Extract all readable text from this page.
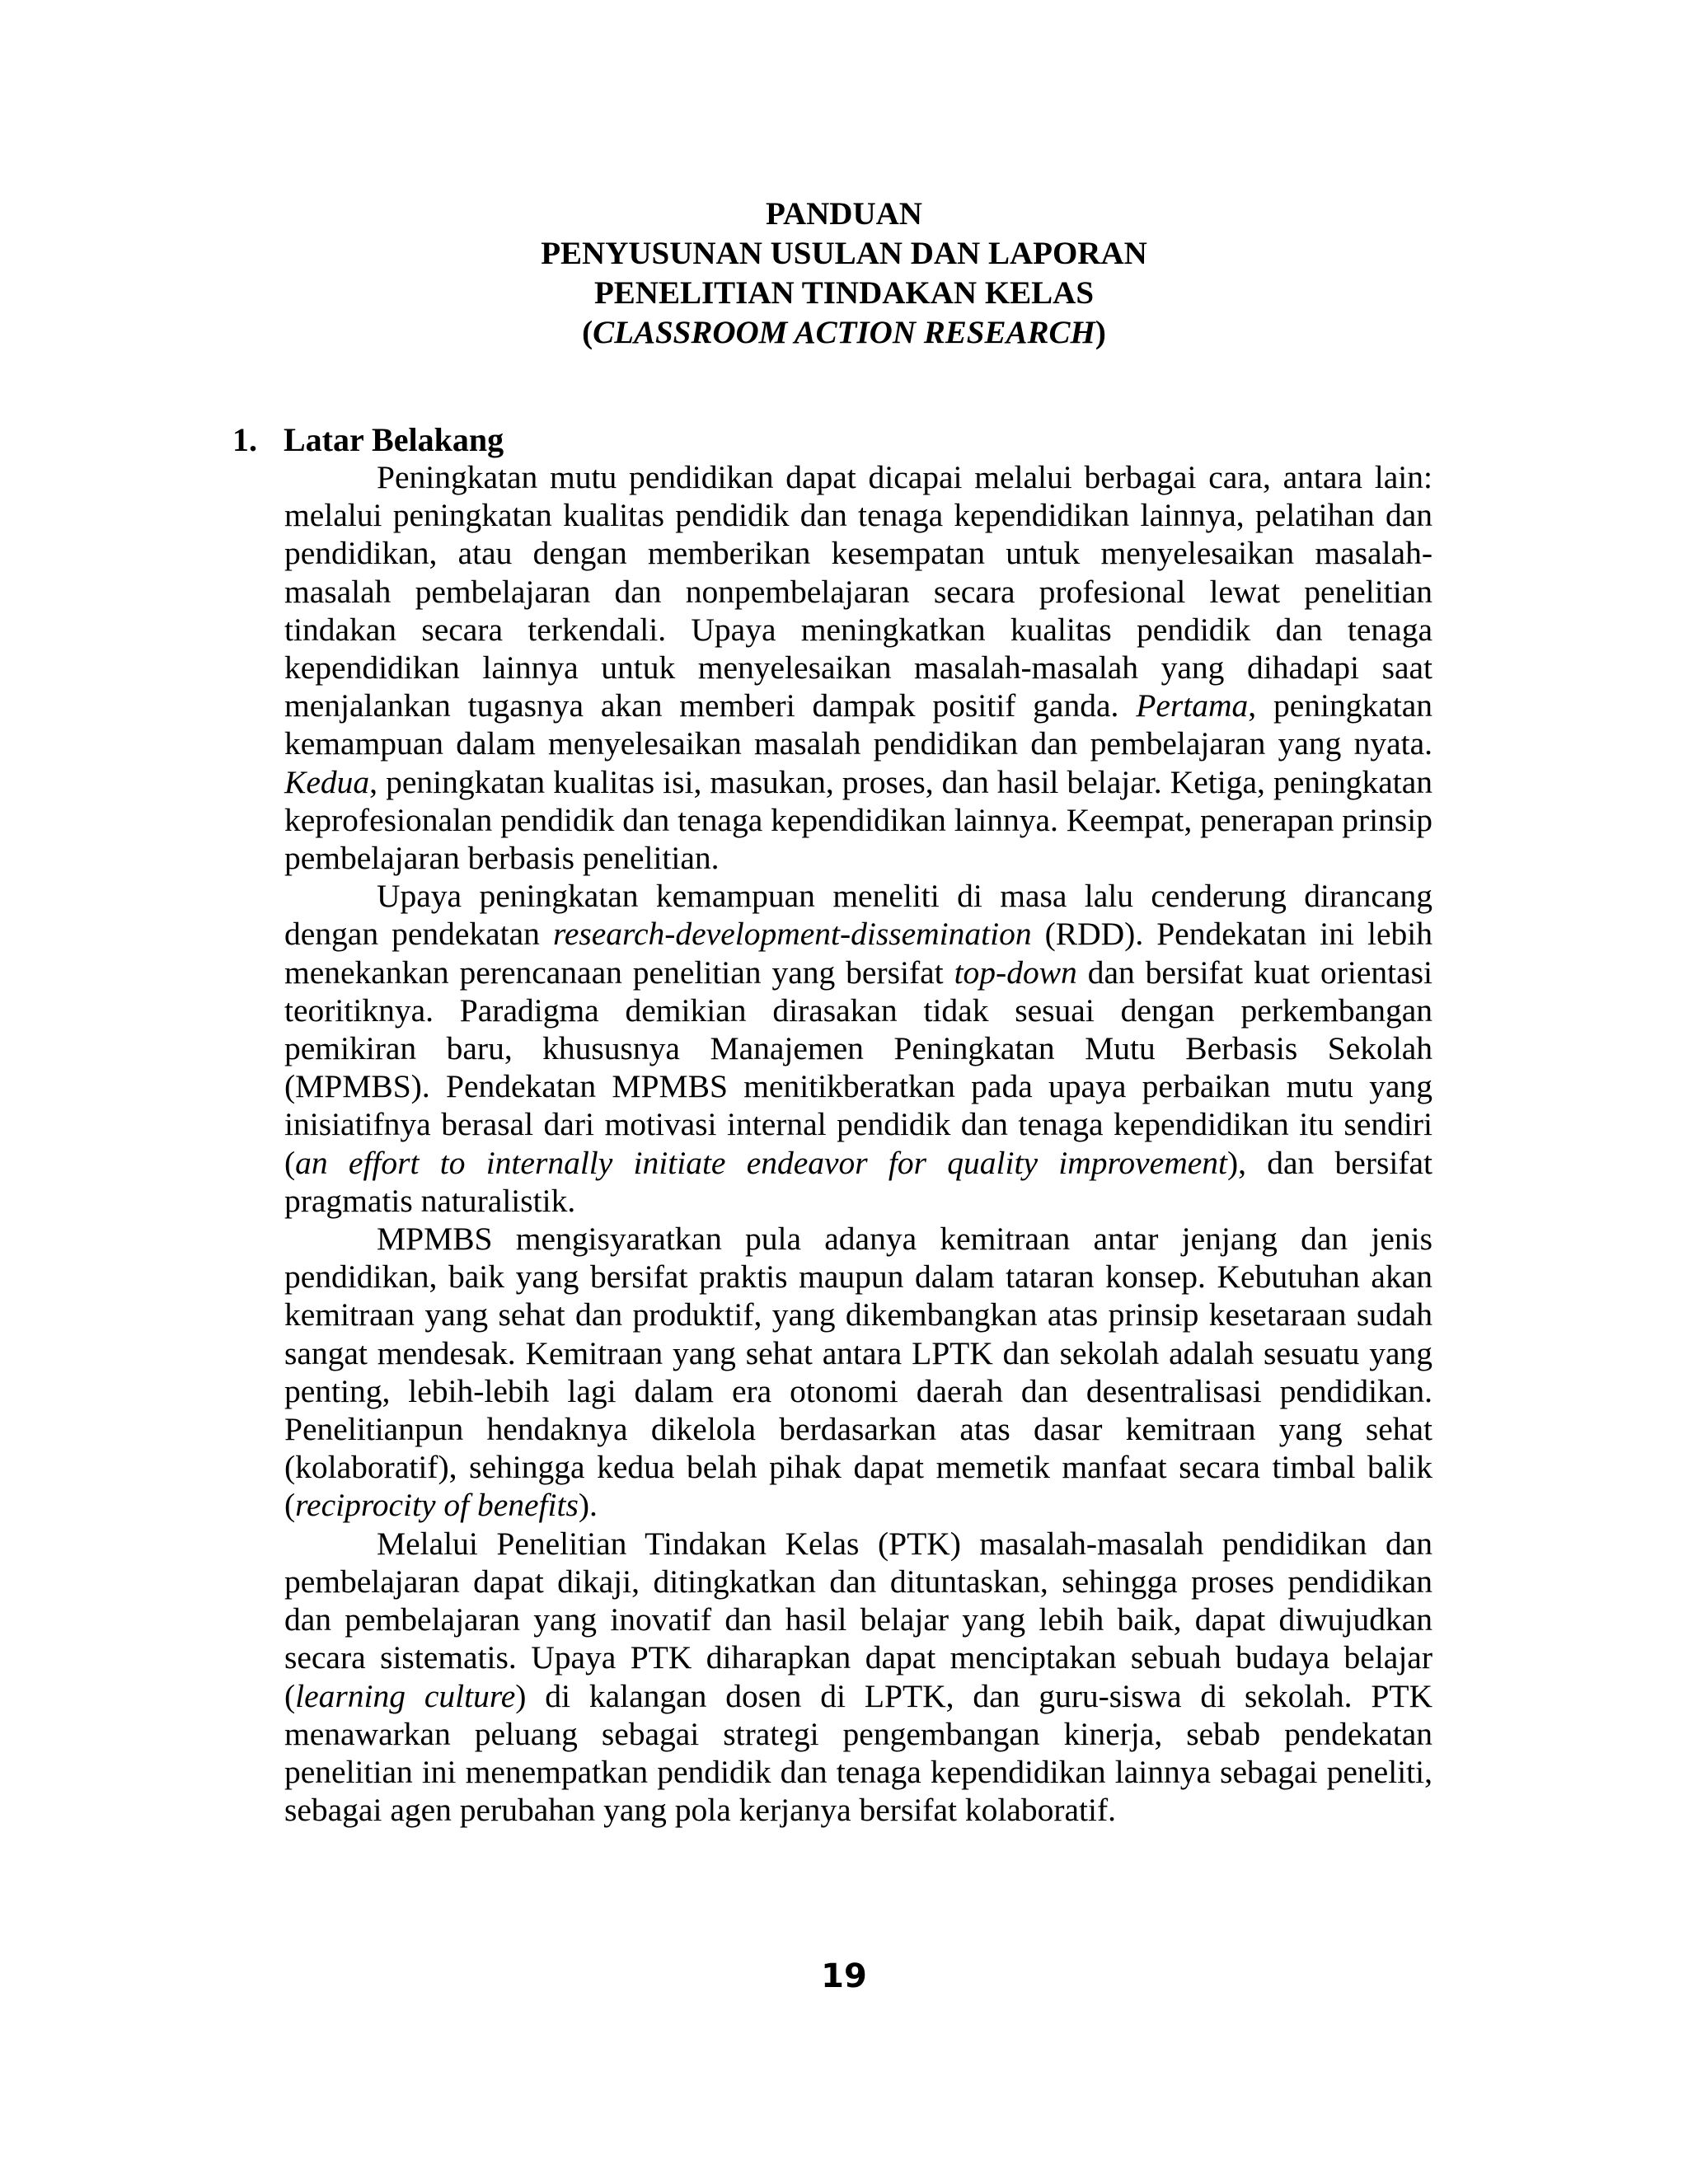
PANDUAN
PENYUSUNAN USULAN DAN LAPORAN
PENELITIAN TINDAKAN KELAS
(CLASSROOM ACTION RESEARCH)
1. Latar Belakang

Peningkatan mutu pendidikan dapat dicapai melalui berbagai cara, antara lain: melalui peningkatan kualitas pendidik dan tenaga kependidikan lainnya, pelatihan dan pendidikan, atau dengan memberikan kesempatan untuk menyelesaikan masalah-masalah pembelajaran dan nonpembelajaran secara profesional lewat penelitian tindakan secara terkendali. Upaya meningkatkan kualitas pendidik dan tenaga kependidikan lainnya untuk menyelesaikan masalah-masalah yang dihadapi saat menjalankan tugasnya akan memberi dampak positif ganda. Pertama, peningkatan kemampuan dalam menyelesaikan masalah pendidikan dan pembelajaran yang nyata. Kedua, peningkatan kualitas isi, masukan, proses, dan hasil belajar. Ketiga, peningkatan keprofesionalan pendidik dan tenaga kependidikan lainnya. Keempat, penerapan prinsip pembelajaran berbasis penelitian.

Upaya peningkatan kemampuan meneliti di masa lalu cenderung dirancang dengan pendekatan research-development-dissemination (RDD). Pendekatan ini lebih menekankan perencanaan penelitian yang bersifat top-down dan bersifat kuat orientasi teoritiknya. Paradigma demikian dirasakan tidak sesuai dengan perkembangan pemikiran baru, khususnya Manajemen Peningkatan Mutu Berbasis Sekolah (MPMBS). Pendekatan MPMBS menitikberatkan pada upaya perbaikan mutu yang inisiatifnya berasal dari motivasi internal pendidik dan tenaga kependidikan itu sendiri (an effort to internally initiate endeavor for quality improvement), dan bersifat pragmatis naturalistik.

MPMBS mengisyaratkan pula adanya kemitraan antar jenjang dan jenis pendidikan, baik yang bersifat praktis maupun dalam tataran konsep. Kebutuhan akan kemitraan yang sehat dan produktif, yang dikembangkan atas prinsip kesetaraan sudah sangat mendesak. Kemitraan yang sehat antara LPTK dan sekolah adalah sesuatu yang penting, lebih-lebih lagi dalam era otonomi daerah dan desentralisasi pendidikan. Penelitianpun hendaknya dikelola berdasarkan atas dasar kemitraan yang sehat (kolaboratif), sehingga kedua belah pihak dapat memetik manfaat secara timbal balik (reciprocity of benefits).

Melalui Penelitian Tindakan Kelas (PTK) masalah-masalah pendidikan dan pembelajaran dapat dikaji, ditingkatkan dan dituntaskan, sehingga proses pendidikan dan pembelajaran yang inovatif dan hasil belajar yang lebih baik, dapat diwujudkan secara sistematis. Upaya PTK diharapkan dapat menciptakan sebuah budaya belajar (learning culture) di kalangan dosen di LPTK, dan guru-siswa di sekolah. PTK menawarkan peluang sebagai strategi pengembangan kinerja, sebab pendekatan penelitian ini menempatkan pendidik dan tenaga kependidikan lainnya sebagai peneliti, sebagai agen perubahan yang pola kerjanya bersifat kolaboratif.

19
